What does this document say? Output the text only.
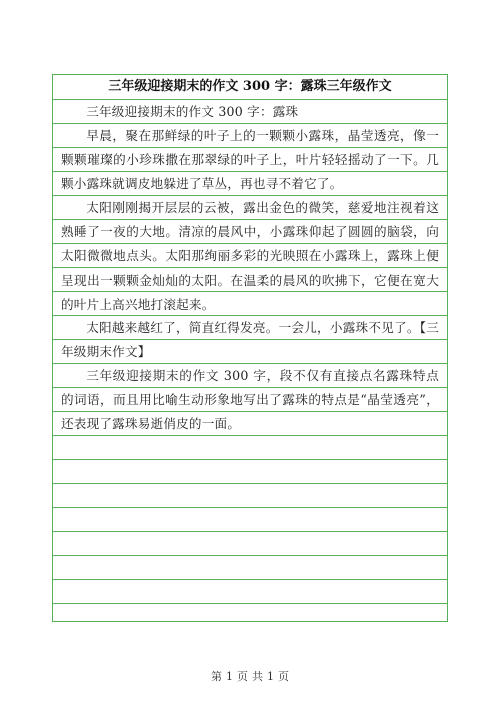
三年级迎接期末的作文 300 字：露珠三年级作文
三年级迎接期末的作文 300 字：露珠
早晨，聚在那鲜绿的叶子上的一颗颗小露珠，晶莹透亮，像一颗颗璀璨的小珍珠撒在那翠绿的叶子上，叶片轻轻摇动了一下。几颗小露珠就调皮地躲进了草丛，再也寻不着它了。
太阳刚刚揭开层层的云被，露出金色的微笑，慈爱地注视着这熟睡了一夜的大地。清凉的晨风中，小露珠仰起了圆圆的脑袋，向太阳微微地点头。太阳那绚丽多彩的光映照在小露珠上，露珠上便呈现出一颗颗金灿灿的太阳。在温柔的晨风的吹拂下，它便在宽大的叶片上高兴地打滚起来。
太阳越来越红了，简直红得发亮。一会儿，小露珠不见了。【三年级期末作文】
三年级迎接期末的作文 300 字，段不仅有直接点名露珠特点的词语，而且用比喻生动形象地写出了露珠的特点是“晶莹透亮”，还表现了露珠易逝俏皮的一面。
第 1 页 共 1 页
